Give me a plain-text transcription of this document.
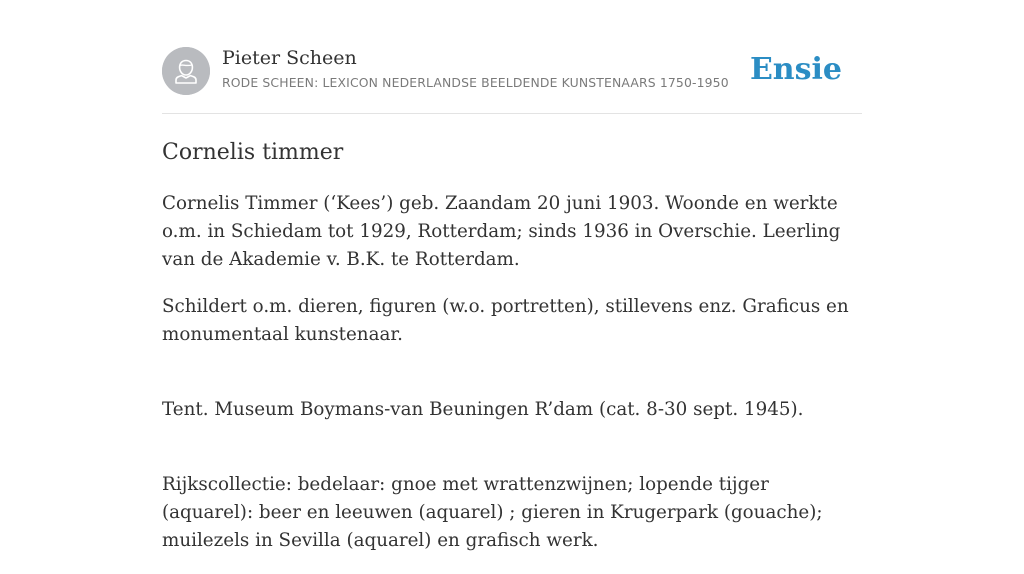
Pieter Scheen
RODE SCHEEN: LEXICON NEDERLANDSE BEELDENDE KUNSTENAARS 1750-1950 Ensie
Cornelis timmer

Cornelis Timmer (‘Kees’) geb. Zaandam 20 juni 1903. Woonde en werkte o.m. in Schiedam tot 1929, Rotterdam; sinds 1936 in Overschie. Leerling van de Akademie v. B.K. te Rotterdam.

Schildert o.m. dieren, figuren (w.o. portretten), stillevens enz. Graficus en monumentaal kunstenaar.

Tent. Museum Boymans-van Beuningen R’dam (cat. 8-30 sept. 1945).

Rijkscollectie: bedelaar: gnoe met wrattenzwijnen; lopende tijger (aquarel): beer en leeuwen (aquarel) ; gieren in Krugerpark (gouache); muilezels in Sevilla (aquarel) en grafisch werk.
